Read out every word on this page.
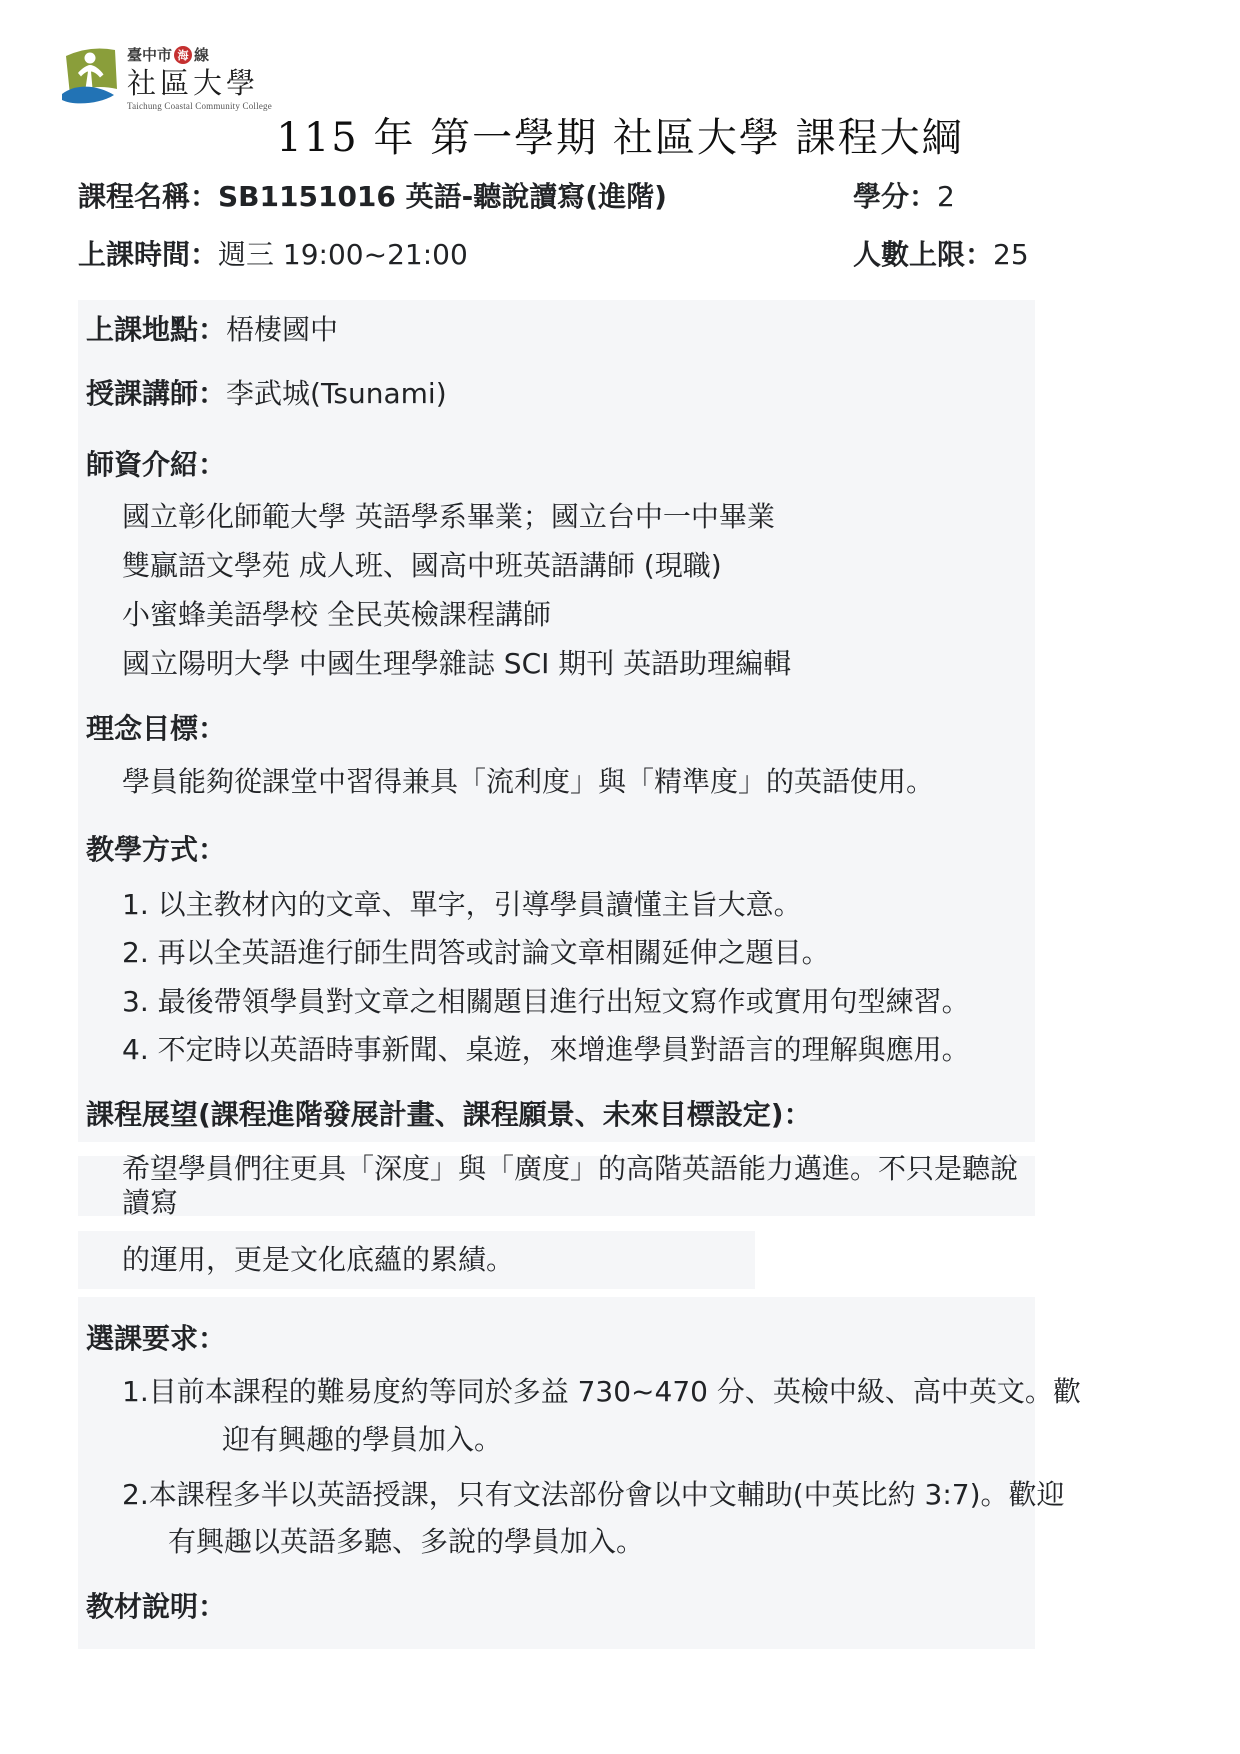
臺中市 海 線
社區大學
Taichung Coastal Community College
115 年 第一學期 社區大學 課程大綱
課程名稱：SB1151016 英語-聽說讀寫(進階)	學分：2
上課時間：週三 19:00~21:00	人數上限：25
上課地點：梧棲國中
授課講師：李武城(Tsunami)
師資介紹：
國立彰化師範大學 英語學系畢業；國立台中一中畢業
雙贏語文學苑 成人班、國高中班英語講師 (現職)
小蜜蜂美語學校 全民英檢課程講師
國立陽明大學 中國生理學雜誌 SCI 期刊 英語助理編輯
理念目標：
學員能夠從課堂中習得兼具「流利度」與「精準度」的英語使用。
教學方式：
1. 以主教材內的文章、單字，引導學員讀懂主旨大意。
2. 再以全英語進行師生問答或討論文章相關延伸之題目。
3. 最後帶領學員對文章之相關題目進行出短文寫作或實用句型練習。
4. 不定時以英語時事新聞、桌遊，來增進學員對語言的理解與應用。
課程展望(課程進階發展計畫、課程願景、未來目標設定)：
希望學員們往更具「深度」與「廣度」的高階英語能力邁進。不只是聽說讀寫
的運用，更是文化底蘊的累績。
選課要求：
1.目前本課程的難易度約等同於多益 730~470 分、英檢中級、高中英文。歡
迎有興趣的學員加入。
2.本課程多半以英語授課，只有文法部份會以中文輔助(中英比約 3:7)。歡迎
有興趣以英語多聽、多說的學員加入。
教材說明：
